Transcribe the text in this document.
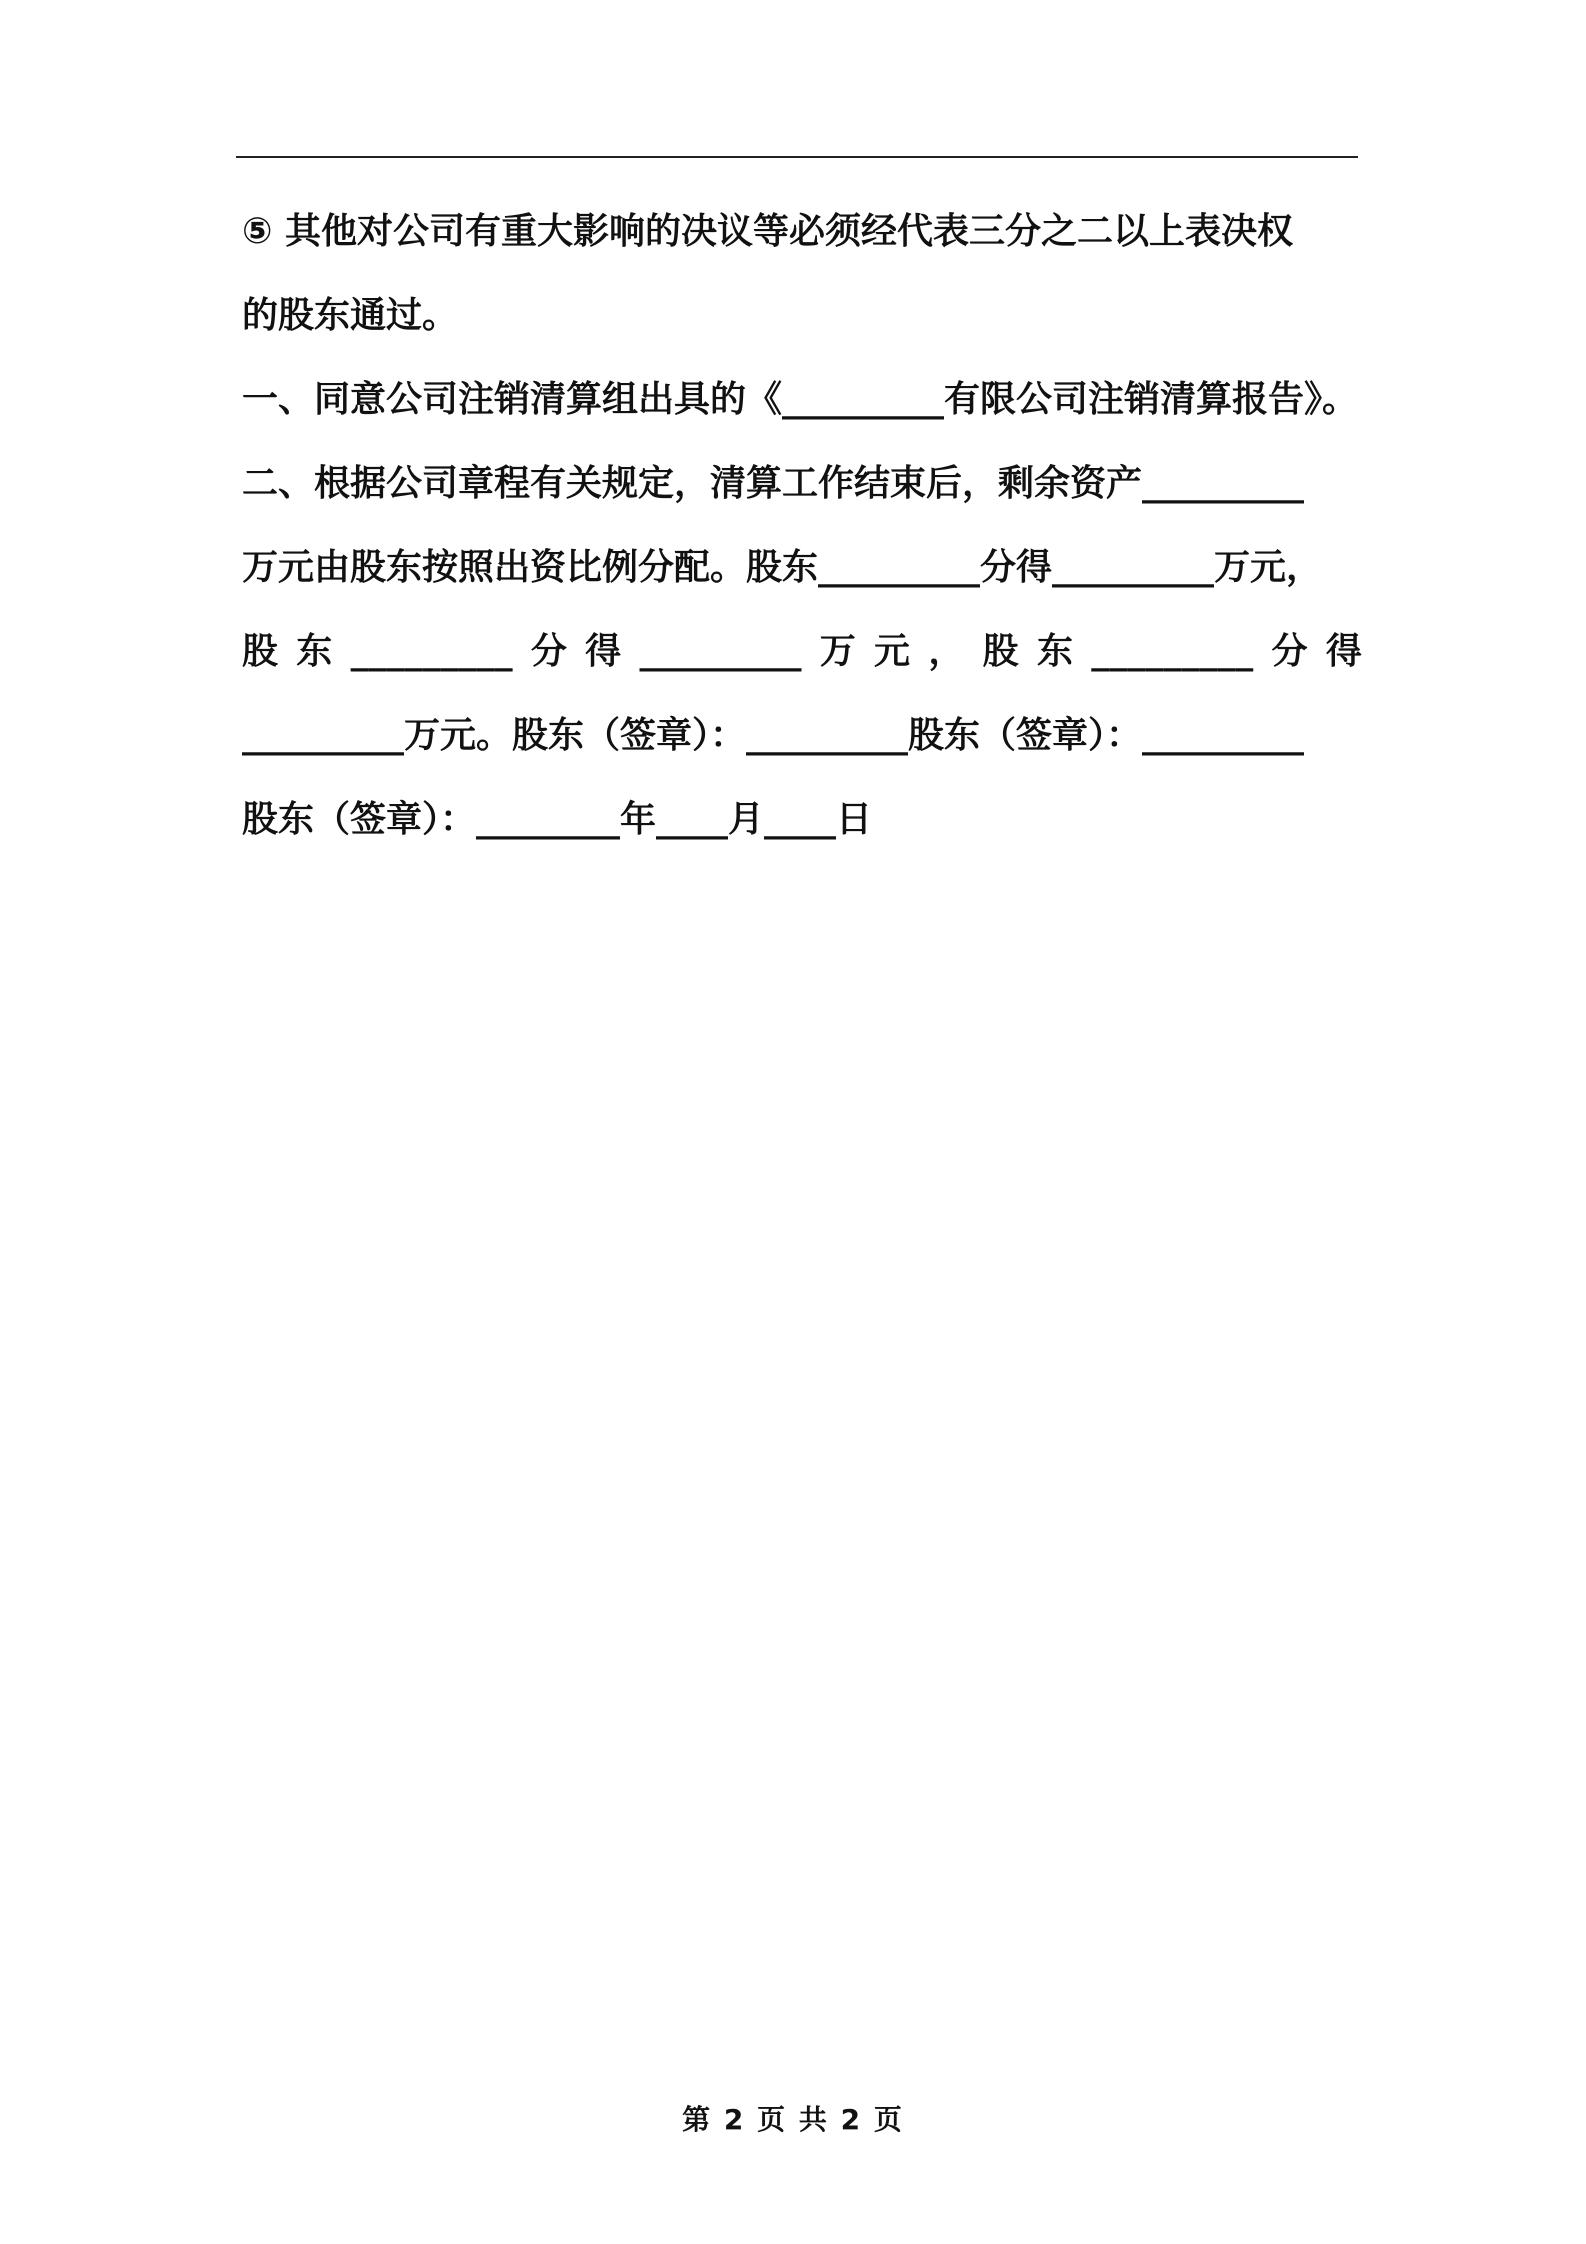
⑤ 其他对公司有重大影响的决议等必须经代表三分之二以上表决权
的股东通过。
一、同意公司注销清算组出具的《_________有限公司注销清算报告》。
二、根据公司章程有关规定，清算工作结束后，剩余资产_________
万元由股东按照出资比例分配。股东_________分得_________万元，
股 东 _________ 分 得 _________ 万 元 ， 股 东 _________ 分 得
_________万元。股东（签章）：_________股东（签章）：_________
股东（签章）：________年____月____日
第 2 页 共 2 页
